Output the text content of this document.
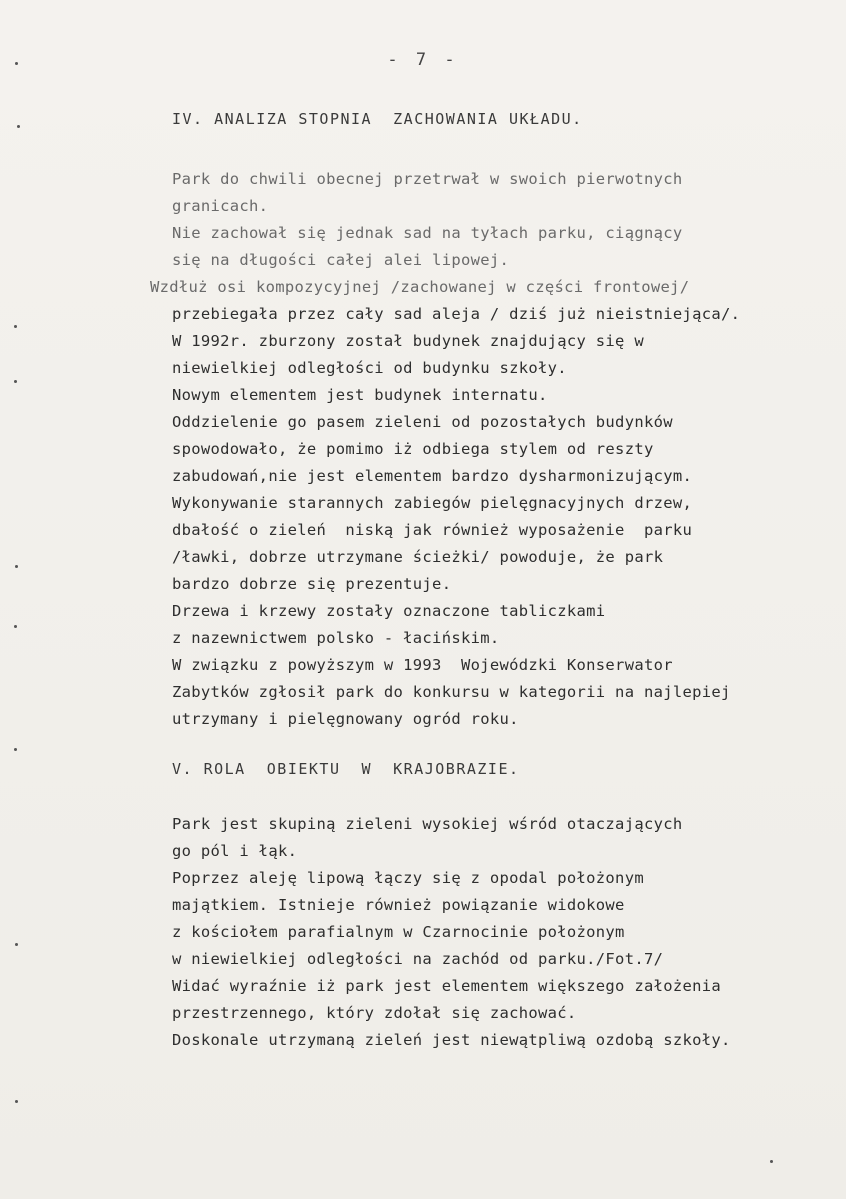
- 7 -
IV. ANALIZA STOPNIA  ZACHOWANIA UKŁADU.
Park do chwili obecnej przetrwał w swoich pierwotnych
granicach.
Nie zachował się jednak sad na tyłach parku, ciągnący
się na długości całej alei lipowej.
Wzdłuż osi kompozycyjnej /zachowanej w części frontowej/
przebiegała przez cały sad aleja / dziś już nieistniejąca/.
W 1992r. zburzony został budynek znajdujący się w
niewielkiej odległości od budynku szkoły.
Nowym elementem jest budynek internatu.
Oddzielenie go pasem zieleni od pozostałych budynków
spowodowało, że pomimo iż odbiega stylem od reszty
zabudowań,nie jest elementem bardzo dysharmonizującym.
Wykonywanie starannych zabiegów pielęgnacyjnych drzew,
dbałość o zieleń  niską jak również wyposażenie  parku
/ławki, dobrze utrzymane ścieżki/ powoduje, że park
bardzo dobrze się prezentuje.
Drzewa i krzewy zostały oznaczone tabliczkami
z nazewnictwem polsko - łacińskim.
W związku z powyższym w 1993  Wojewódzki Konserwator
Zabytków zgłosił park do konkursu w kategorii na najlepiej
utrzymany i pielęgnowany ogród roku.
V. ROLA  OBIEKTU  W  KRAJOBRAZIE.
Park jest skupiną zieleni wysokiej wśród otaczających
go pól i łąk.
Poprzez aleję lipową łączy się z opodal położonym
majątkiem. Istnieje również powiązanie widokowe
z kościołem parafialnym w Czarnocinie położonym
w niewielkiej odległości na zachód od parku./Fot.7/
Widać wyraźnie iż park jest elementem większego założenia
przestrzennego, który zdołał się zachować.
Doskonale utrzymaną zieleń jest niewątpliwą ozdobą szkoły.
